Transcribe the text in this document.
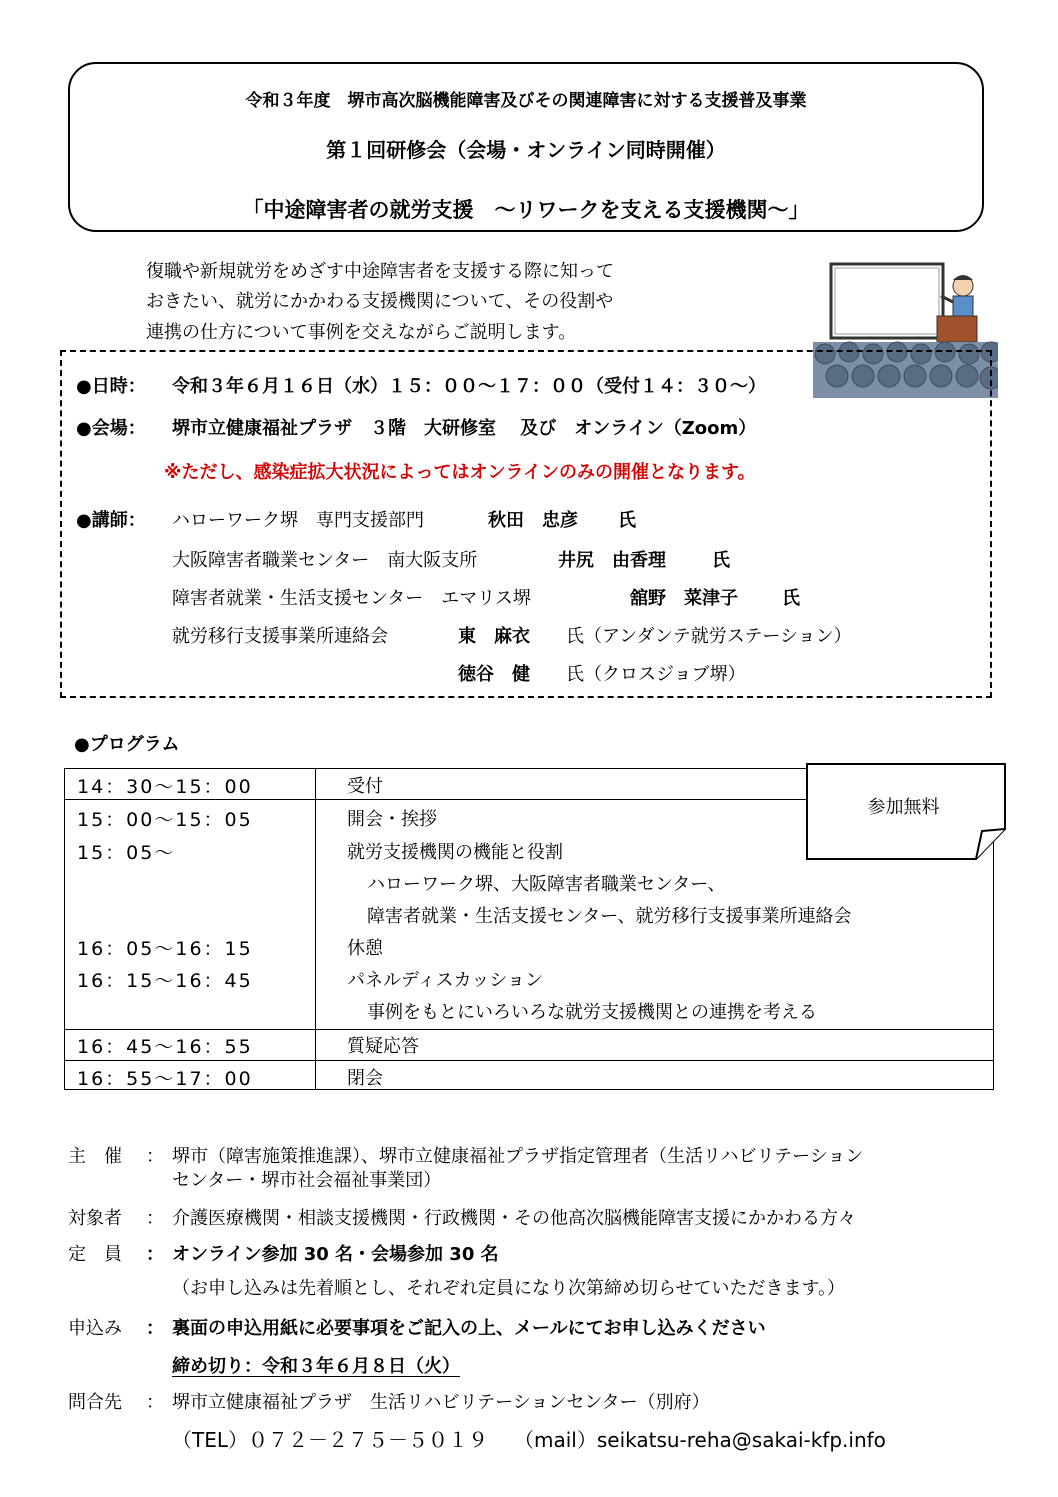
令和３年度　堺市高次脳機能障害及びその関連障害に対する支援普及事業
第１回研修会（会場・オンライン同時開催）
「中途障害者の就労支援　～リワークを支える支援機関～」
復職や新規就労をめざす中途障害者を支援する際に知って
おきたい、就労にかかわる支援機関について、その役割や
連携の仕方について事例を交えながらご説明します。
●日時： 令和３年６月１６日（水）１５：００～１７：００（受付１４：３０～）
●会場： 堺市立健康福祉プラザ　３階　大研修室　 及び　オンライン（Zoom）
※ただし、感染症拡大状況によってはオンラインのみの開催となります。
●講師： ハローワーク堺　専門支援部門	秋田　忠彦 氏
大阪障害者職業センター　南大阪支所	井尻　由香理	氏
障害者就業・生活支援センター　エマリス堺	舘野　菜津子 氏
就労移行支援事業所連絡会	東　麻衣 氏（アンダンテ就労ステーション）
徳谷　健 氏（クロスジョブ堺）
●プログラム
14：30～15：00	受付
15：00～15：05	開会・挨拶
15：05～	就労支援機関の機能と役割
ハローワーク堺、大阪障害者職業センター、
障害者就業・生活支援センター、就労移行支援事業所連絡会
16：05～16：15	休憩
16：15～16：45	パネルディスカッション
事例をもとにいろいろな就労支援機関との連携を考える
16：45～16：55	質疑応答
16：55～17：00	閉会
参加無料
主　催 ： 堺市（障害施策推進課）、堺市立健康福祉プラザ指定管理者（生活リハビリテーション
センター・堺市社会福祉事業団）
対象者 ： 介護医療機関・相談支援機関・行政機関・その他高次脳機能障害支援にかかわる方々
定　員 ： オンライン参加 30 名・会場参加 30 名
（お申し込みは先着順とし、それぞれ定員になり次第締め切らせていただきます。）
申込み ： 裏面の申込用紙に必要事項をご記入の上、メールにてお申し込みください
締め切り：令和３年６月８日（火）
問合先 ： 堺市立健康福祉プラザ　生活リハビリテーションセンター（別府）
（TEL）０７２－２７５－５０１９ （mail）seikatsu-reha@sakai-kfp.info
